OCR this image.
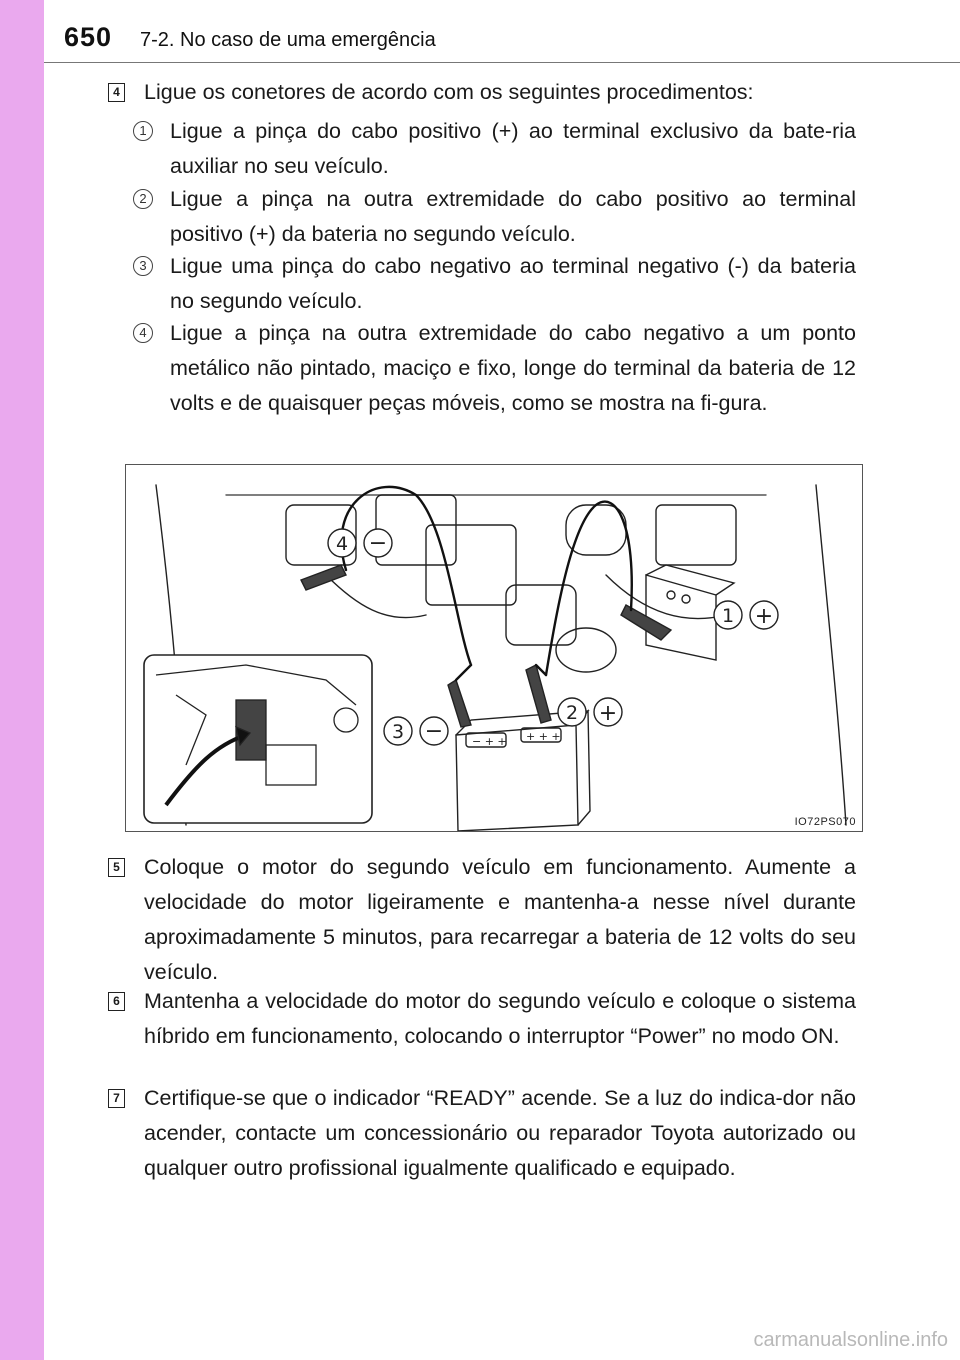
650 7-2. No caso de uma emergência
4 Ligue os conetores de acordo com os seguintes procedimentos:
1 Ligue a pinça do cabo positivo (+) ao terminal exclusivo da bate-ria auxiliar no seu veículo.
2 Ligue a pinça na outra extremidade do cabo positivo ao terminal positivo (+) da bateria no segundo veículo.
3 Ligue uma pinça do cabo negativo ao terminal negativo (-) da bateria no segundo veículo.
4 Ligue a pinça na outra extremidade do cabo negativo a um ponto metálico não pintado, maciço e fixo, longe do terminal da bateria de 12 volts e de quaisquer peças móveis, como se mostra na fi-gura.
− + + + + +
4 −
1 +
2 +
3 −
IO72PS070
5 Coloque o motor do segundo veículo em funcionamento. Aumente a velocidade do motor ligeiramente e mantenha-a nesse nível durante aproximadamente 5 minutos, para recarregar a bateria de 12 volts do seu veículo.
6 Mantenha a velocidade do motor do segundo veículo e coloque o sistema híbrido em funcionamento, colocando o interruptor “Power” no modo ON.
7 Certifique-se que o indicador “READY” acende. Se a luz do indica-dor não acender, contacte um concessionário ou reparador Toyota autorizado ou qualquer outro profissional igualmente qualificado e equipado.
carmanualsonline.info
